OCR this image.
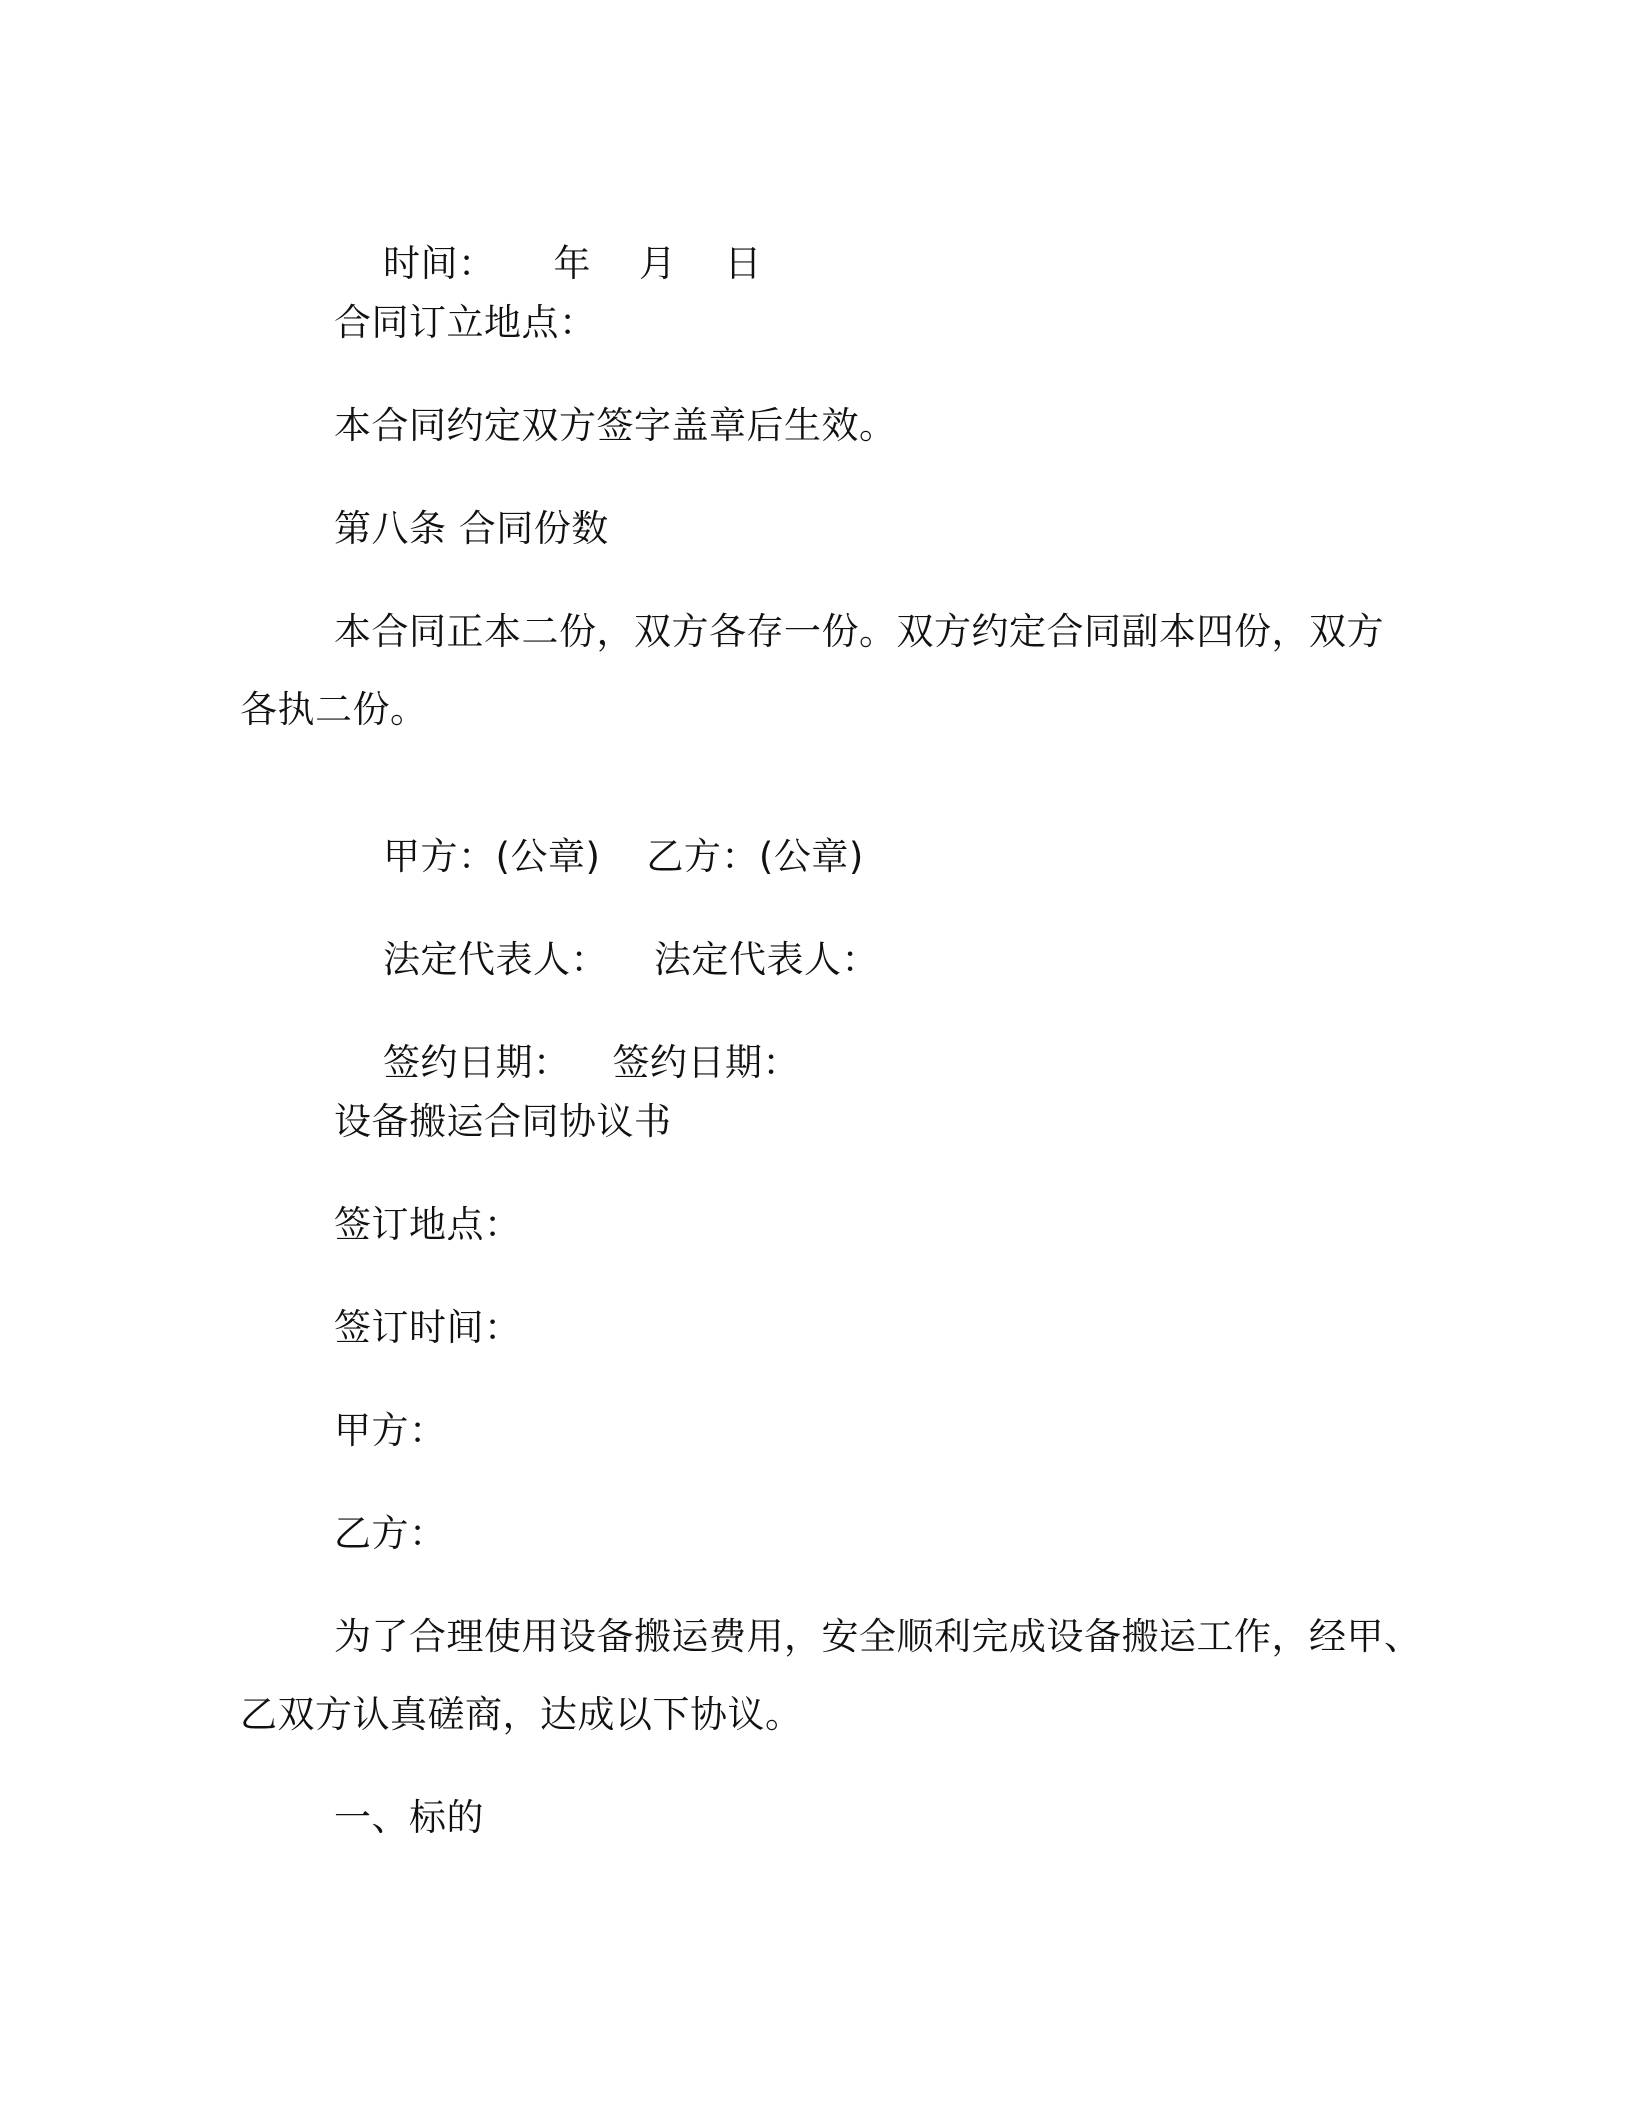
时间： 年 月 日

合同订立地点：
本合同约定双方签字盖章后生效。
第八条 合同份数
本合同正本二份，双方各存一份。双方约定合同副本四份，双方
各执二份。

甲方：(公章) 乙方：(公章)

法定代表人： 法定代表人：

签约日期： 签约日期：

设备搬运合同协议书
签订地点：
签订时间：
甲方：
乙方：
为了合理使用设备搬运费用，安全顺利完成设备搬运工作，经甲、
乙双方认真磋商，达成以下协议。
一、标的
